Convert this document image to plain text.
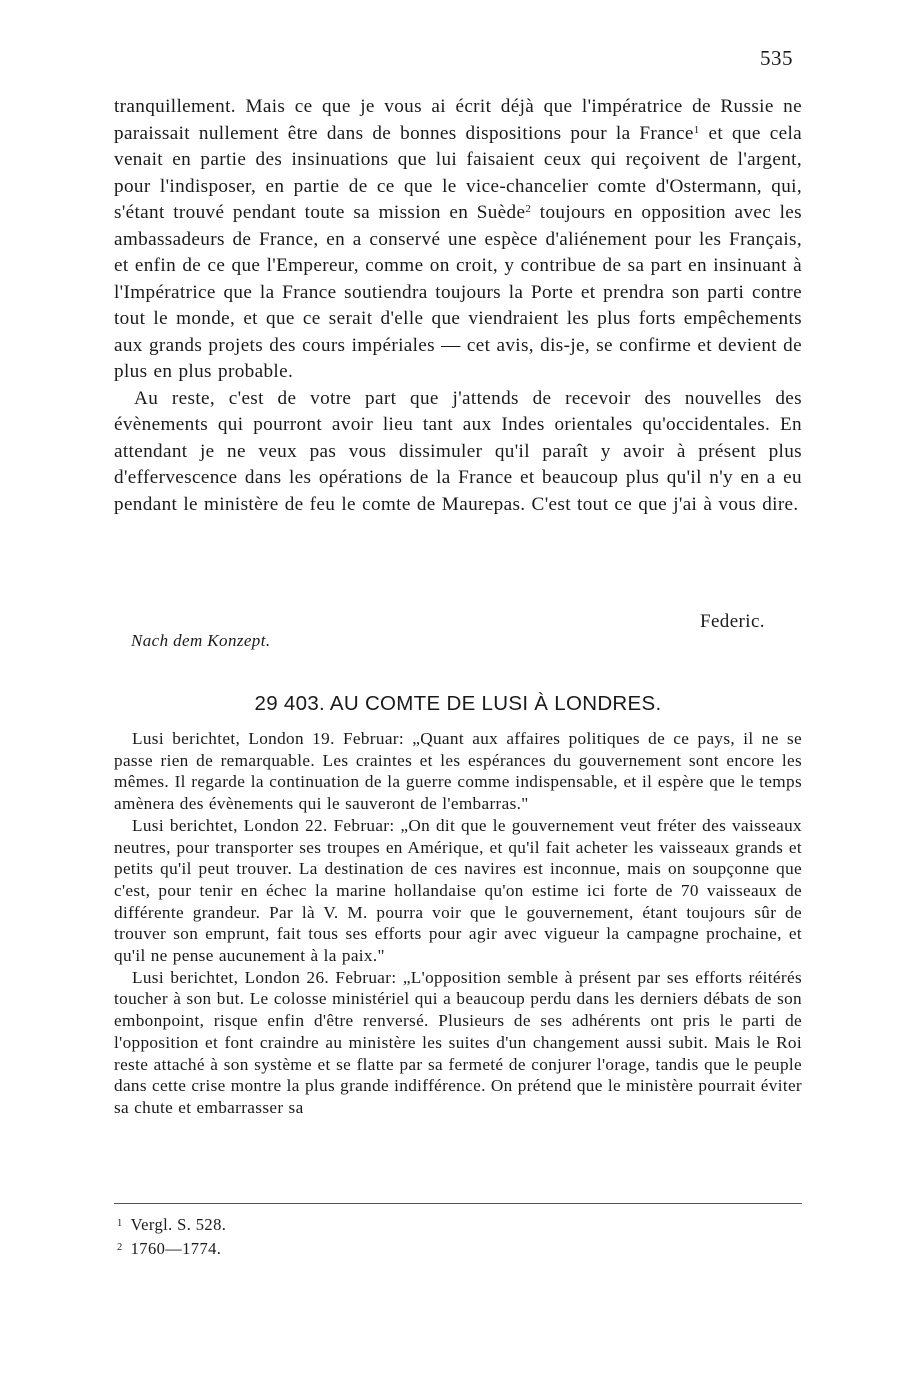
535

tranquillement. Mais ce que je vous ai écrit déjà que l'impératrice de Russie ne paraissait nullement être dans de bonnes dispositions pour la France$^1$ et que cela venait en partie des insinuations que lui faisaient ceux qui reçoivent de l'argent, pour l'indisposer, en partie de ce que le vice-chancelier comte d'Ostermann, qui, s'étant trouvé pendant toute sa mission en Suède$^2$ toujours en opposition avec les ambassadeurs de France, en a conservé une espèce d'aliénement pour les Français, et enfin de ce que l'Empereur, comme on croit, y contribue de sa part en insinuant à l'Impératrice que la France soutiendra toujours la Porte et prendra son parti contre tout le monde, et que ce serait d'elle que viendraient les plus forts empêchements aux grands projets des cours impériales — cet avis, dis-je, se confirme et devient de plus en plus probable.

Au reste, c'est de votre part que j'attends de recevoir des nouvelles des évènements qui pourront avoir lieu tant aux Indes orientales qu'occidentales. En attendant je ne veux pas vous dissimuler qu'il paraît y avoir à présent plus d'effervescence dans les opérations de la France et beaucoup plus qu'il n'y en a eu pendant le ministère de feu le comte de Maurepas. C'est tout ce que j'ai à vous dire.

Federic.
Nach dem Konzept.
29 403. AU COMTE DE LUSI À LONDRES.

Lusi berichtet, London 19. Februar: „Quant aux affaires politiques de ce pays, il ne se passe rien de remarquable. Les craintes et les espérances du gouvernement sont encore les mêmes. Il regarde la continuation de la guerre comme indispensable, et il espère que le temps amènera des évènements qui le sauveront de l'embarras."

Lusi berichtet, London 22. Februar: „On dit que le gouvernement veut fréter des vaisseaux neutres, pour transporter ses troupes en Amérique, et qu'il fait acheter les vaisseaux grands et petits qu'il peut trouver. La destination de ces navires est inconnue, mais on soupçonne que c'est, pour tenir en échec la marine hollandaise qu'on estime ici forte de 70 vaisseaux de différente grandeur. Par là V. M. pourra voir que le gouvernement, étant toujours sûr de trouver son emprunt, fait tous ses efforts pour agir avec vigueur la campagne prochaine, et qu'il ne pense aucunement à la paix."

Lusi berichtet, London 26. Februar: „L'opposition semble à présent par ses efforts réitérés toucher à son but. Le colosse ministériel qui a beaucoup perdu dans les derniers débats de son embonpoint, risque enfin d'être renversé. Plusieurs de ses adhérents ont pris le parti de l'opposition et font craindre au ministère les suites d'un changement aussi subit. Mais le Roi reste attaché à son système et se flatte par sa fermeté de conjurer l'orage, tandis que le peuple dans cette crise montre la plus grande indifférence. On prétend que le ministère pourrait éviter sa chute et embarrasser sa

$^1$ Vergl. S. 528.
$^2$ 1760—1774.
